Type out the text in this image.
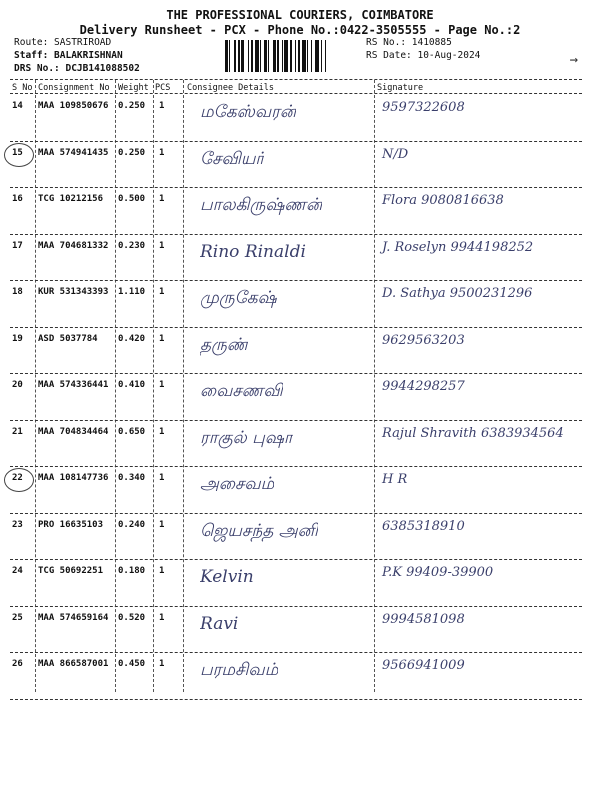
THE PROFESSIONAL COURIERS, COIMBATORE
Delivery Runsheet - PCX - Phone No.:0422-3505555 - Page No.:2
Route: SASTRIROAD
Staff: BALAKRISHNAN
DRS No.: DCJB141088502
RS No.: 1410885
RS Date: 10-Aug-2024	→
S No Consignment No Weight PCS Consignee Details	Signature
14 MAA 109850676 0.250 1 மகேஸ்வரன்	9597322608
15 MAA 574941435 0.250 1 சேவியர்	N/D
16 TCG 10212156 0.500 1 பாலகிருஷ்ணன்	Flora 9080816638
17 MAA 704681332 0.230 1 Rino Rinaldi	J. Roselyn 9944198252
18 KUR 531343393 1.110 1 முருகேஷ்	D. Sathya 9500231296
19 ASD 5037784 0.420 1 தருண்	9629563203
20 MAA 574336441 0.410 1 வைசணவி	9944298257
21 MAA 704834464 0.650 1 ராகுல் புஷா	Rajul Shravith 6383934564
22 MAA 108147736 0.340 1 அசைவம்	H R
23 PRO 16635103 0.240 1 ஜெயசந்த அனி	6385318910
24 TCG 50692251 0.180 1 Kelvin	P.K 99409-39900
25 MAA 574659164 0.520 1 Ravi	9994581098
26 MAA 866587001 0.450 1 பரமசிவம்	9566941009
